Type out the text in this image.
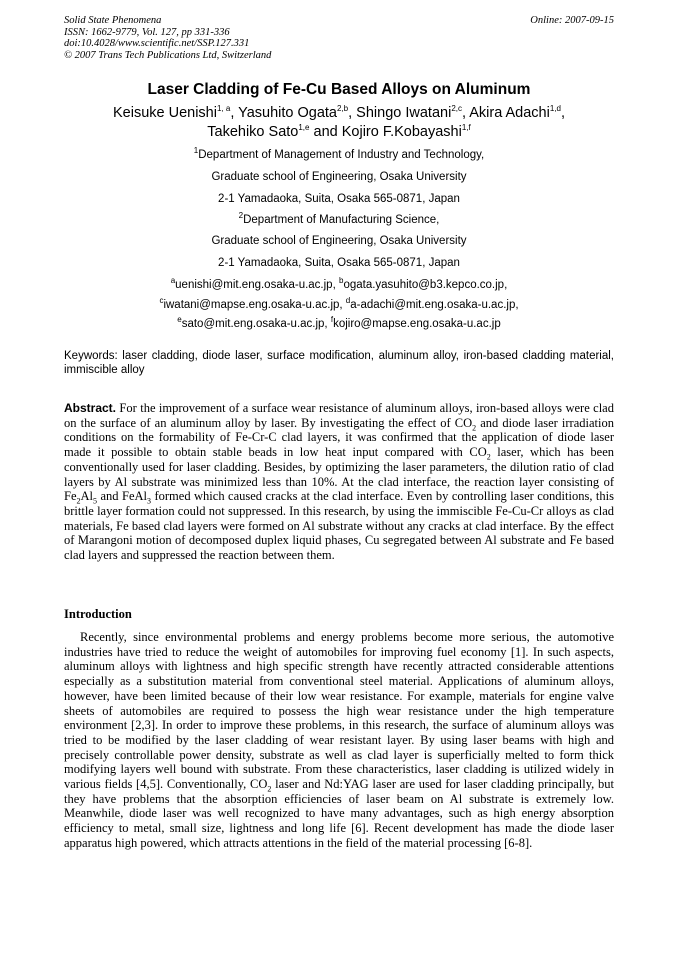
Solid State Phenomena
ISSN: 1662-9779, Vol. 127, pp 331-336
doi:10.4028/www.scientific.net/SSP.127.331
© 2007 Trans Tech Publications Ltd, Switzerland
Online: 2007-09-15
Laser Cladding of Fe-Cu Based Alloys on Aluminum
Keisuke Uenishi$^{1, a}$, Yasuhito Ogata$^{2,b}$, Shingo Iwatani$^{2,c}$, Akira Adachi$^{1,d}$,
Takehiko Sato$^{1,e}$ and Kojiro F.Kobayashi$^{1,f}$
$^1$Department of Management of Industry and Technology,
Graduate school of Engineering, Osaka University
2-1 Yamadaoka, Suita, Osaka 565-0871, Japan
$^2$Department of Manufacturing Science,
Graduate school of Engineering, Osaka University
2-1 Yamadaoka, Suita, Osaka 565-0871, Japan
$^a$uenishi@mit.eng.osaka-u.ac.jp, $^b$ogata.yasuhito@b3.kepco.co.jp,
$^c$iwatani@mapse.eng.osaka-u.ac.jp, $^d$a-adachi@mit.eng.osaka-u.ac.jp,
$^e$sato@mit.eng.osaka-u.ac.jp, $^f$kojiro@mapse.eng.osaka-u.ac.jp
Keywords: laser cladding, diode laser, surface modification, aluminum alloy, iron-based cladding material, immiscible alloy
Abstract. For the improvement of a surface wear resistance of aluminum alloys, iron-based alloys were clad on the surface of an aluminum alloy by laser. By investigating the effect of $CO_2$ and diode laser irradiation conditions on the formability of Fe-Cr-C clad layers, it was confirmed that the application of diode laser made it possible to obtain stable beads in low heat input compared with $CO_2$ laser, which has been conventionally used for laser cladding. Besides, by optimizing the laser parameters, the dilution ratio of clad layers by Al substrate was minimized less than 10%. At the clad interface, the reaction layer consisting of $Fe_2Al_5$ and FeAl$_3$ formed which caused cracks at the clad interface. Even by controlling laser conditions, this brittle layer formation could not suppressed. In this research, by using the immiscible Fe-Cu-Cr alloys as clad materials, Fe based clad layers were formed on Al substrate without any cracks at clad interface. By the effect of Marangoni motion of decomposed duplex liquid phases, Cu segregated between Al substrate and Fe based clad layers and suppressed the reaction between them.
Introduction
Recently, since environmental problems and energy problems become more serious, the automotive industries have tried to reduce the weight of automobiles for improving fuel economy [1]. In such aspects, aluminum alloys with lightness and high specific strength have recently attracted considerable attentions especially as a substitution material from conventional steel material. Applications of aluminum alloys, however, have been limited because of their low wear resistance. For example, materials for engine valve sheets of automobiles are required to possess the high wear resistance under the high temperature environment [2,3]. In order to improve these problems, in this research, the surface of aluminum alloys was tried to be modified by the laser cladding of wear resistant layer. By using laser beams with high and precisely controllable power density, substrate as well as clad layer is superficially melted to form thick modifying layers well bound with substrate. From these characteristics, laser cladding is utilized widely in various fields [4,5]. Conventionally, $CO_2$ laser and Nd:YAG laser are used for laser cladding principally, but they have problems that the absorption efficiencies of laser beam on Al substrate is extremely low. Meanwhile, diode laser was well recognized to have many advantages, such as high energy absorption efficiency to metal, small size, lightness and long life [6]. Recent development has made the diode laser apparatus high powered, which attracts attentions in the field of the material processing [6-8].
